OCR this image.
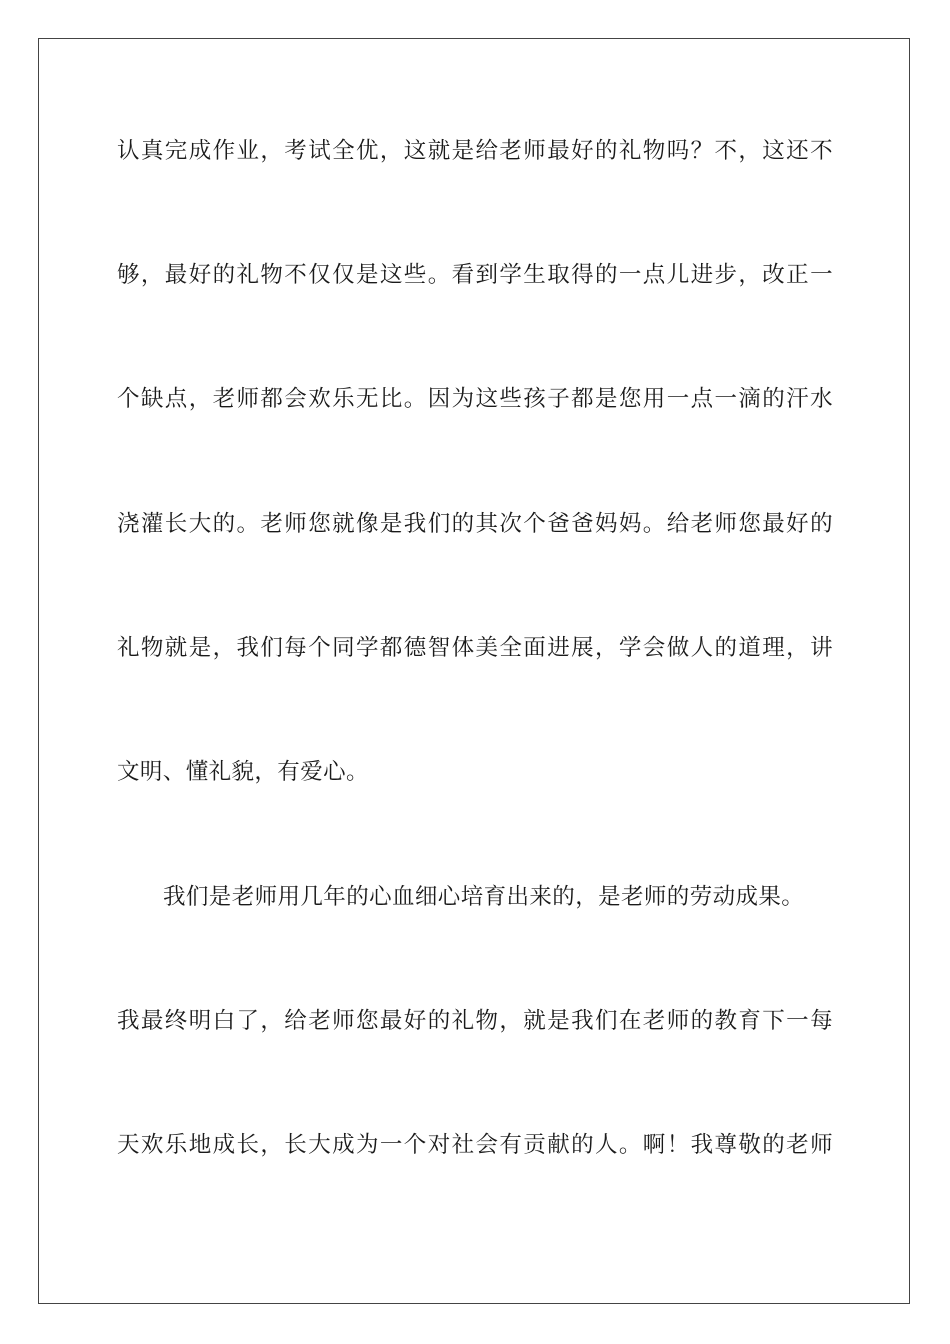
认真完成作业，考试全优，这就是给老师最好的礼物吗？不，这还不
够，最好的礼物不仅仅是这些。看到学生取得的一点儿进步，改正一
个缺点，老师都会欢乐无比。因为这些孩子都是您用一点一滴的汗水
浇灌长大的。老师您就像是我们的其次个爸爸妈妈。给老师您最好的
礼物就是，我们每个同学都德智体美全面进展，学会做人的道理，讲
文明、懂礼貌，有爱心。
我们是老师用几年的心血细心培育出来的，是老师的劳动成果。
我最终明白了，给老师您最好的礼物，就是我们在老师的教育下一每
天欢乐地成长，长大成为一个对社会有贡献的人。啊！我尊敬的老师
